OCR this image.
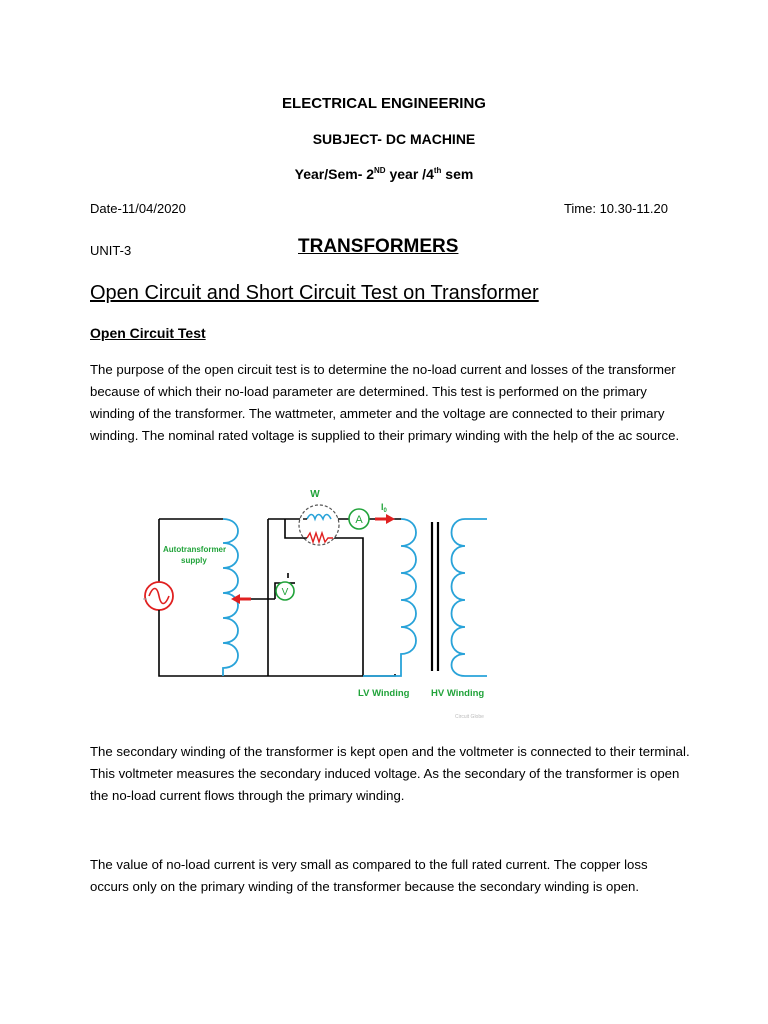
ELECTRICAL ENGINEERING
SUBJECT- DC MACHINE
Year/Sem- 2ND year /4th sem
Date-11/04/2020	Time: 10.30-11.20
UNIT-3	TRANSFORMERS
Open Circuit and Short Circuit Test on Transformer
Open Circuit Test
The purpose of the open circuit test is to determine the no-load current and losses of the transformer because of which their no-load parameter are determined. This test is performed on the primary winding of the transformer. The wattmeter, ammeter and the voltage are connected to their primary winding. The nominal rated voltage is supplied to their primary winding with the help of the ac source.
W
A
$I_0$
V
Autotransformer
supply
LV Winding HV Winding
Circuit Globe
The secondary winding of the transformer is kept open and the voltmeter is connected to their terminal. This voltmeter measures the secondary induced voltage. As the secondary of the transformer is open the no-load current flows through the primary winding.
The value of no-load current is very small as compared to the full rated current. The copper loss occurs only on the primary winding of the transformer because the secondary winding is open.
